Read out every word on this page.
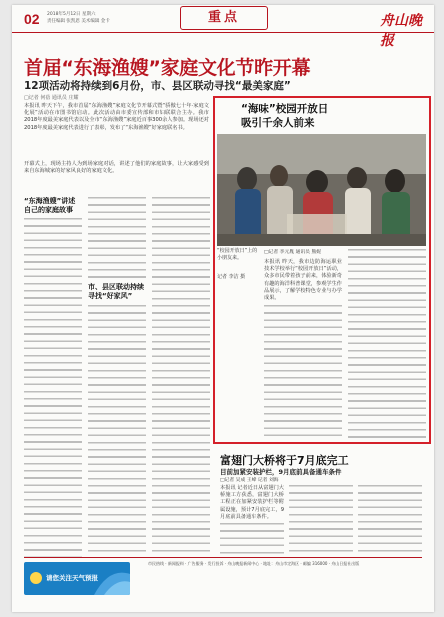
02 2018年5月12日 星期六
责任编辑 张凯恩 美术编辑 金卡	重点	舟山晚报
首届“东海渔嫂”家庭文化节昨开幕
12项活动将持续到6月份，市、县区联动寻找“最美家庭”
□记者 何蓓 通讯员 庄耀
本报讯 昨天下午，我市首届“东海渔嫂”家庭文化节开幕式暨“骄傲七十年·家庭文化展”活动在市图书馆启动。此次活动由市委宣传部和市妇联联合主办。我市2018年度最美家庭代表以及全市“东海渔嫂”家庭近百事300余人参加。现场还对2018年度最美家庭代表进行了表彰，发布了“东海渔嫂”好家庭联名书。
开幕式上，现场主持人为到场家庭对话，讲述了他们的家庭故事，让大家感受到来自东海城家的好家风良好的家庭文化。
“东海渔嫂”讲述自己的家庭故事
市、县区联动持续寻找“好家风”
“海味”校园开放日
吸引千余人前来
“校园开放日”上的小朋友来。
记者 李洁 摄
□记者 李元胤 通讯员 熊妮
本报讯 昨天，我市边防海运职业技术学校举行“校园开放日”活动，众多市民带着孩子前来，体验新奇有趣的海洋科普课堂，参观学生作品展示，了解学校特色专业与办学成果。
富翅门大桥将于7月底完工
目前加紧安装护栏，9月底前具备通车条件
□记者 吴成 王峰 记者 刘海
本报讯 记者近日从富翅门大桥施工方获悉，富翅门大桥工程正在加紧安装护栏等附属设施，预计7月底完工，9月底前具备通车条件。
请您关注天气预报
市民热线 · 新闻报料 · 广告服务 · 发行投诉 · 舟山晚报新闻中心 · 地址：舟山市定海区 · 邮编 316000 · 舟山日报社出版
